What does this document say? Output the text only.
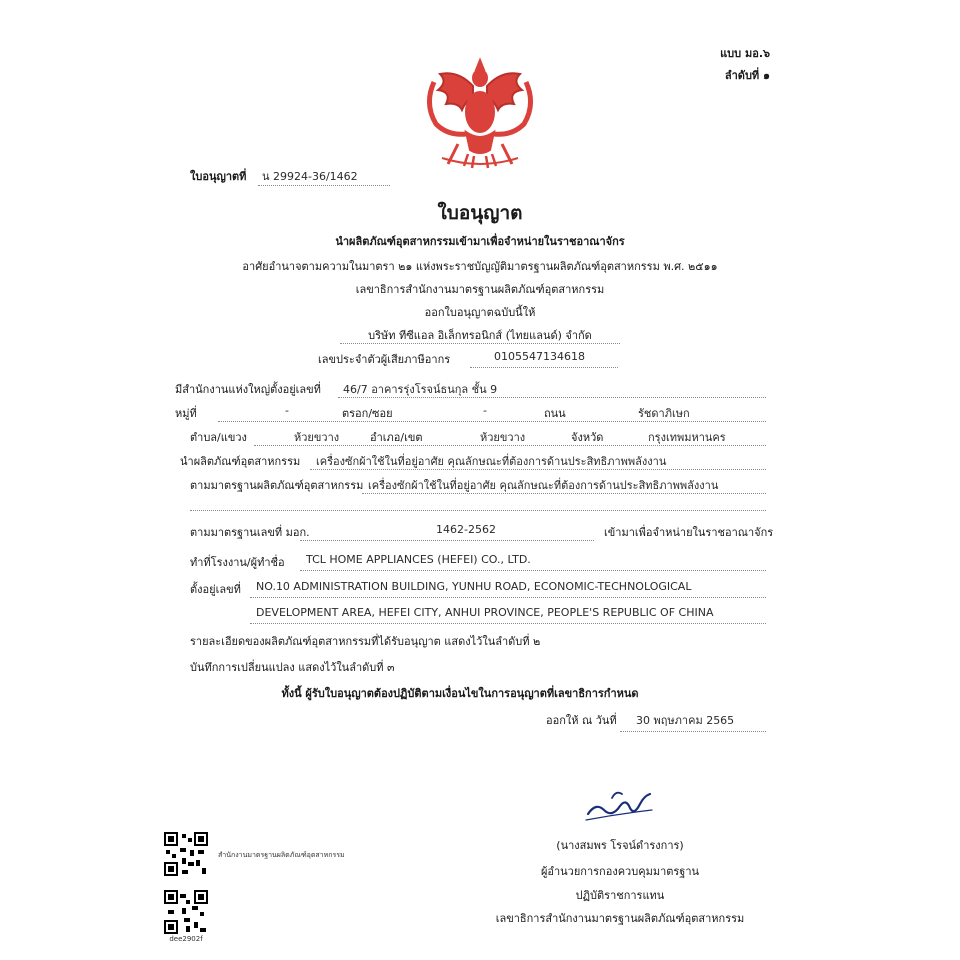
แบบ มอ.๖
ลำดับที่ ๑
ใบอนุญาตที่ น 29924-36/1462
ใบอนุญาต
นำผลิตภัณฑ์อุตสาหกรรมเข้ามาเพื่อจำหน่ายในราชอาณาจักร
อาศัยอำนาจตามความในมาตรา ๒๑ แห่งพระราชบัญญัติมาตรฐานผลิตภัณฑ์อุตสาหกรรม พ.ศ. ๒๕๑๑
เลขาธิการสำนักงานมาตรฐานผลิตภัณฑ์อุตสาหกรรม
ออกใบอนุญาตฉบับนี้ให้
บริษัท ทีซีแอล อิเล็กทรอนิกส์ (ไทยแลนด์) จำกัด
เลขประจำตัวผู้เสียภาษีอากร	0105547134618
มีสำนักงานแห่งใหญ่ตั้งอยู่เลขที่ 46/7 อาคารรุ่งโรจน์ธนกุล ชั้น 9
หมู่ที่	-	ตรอก/ซอย	-	ถนน	รัชดาภิเษก
ตำบล/แขวง	ห้วยขวาง	อำเภอ/เขต	ห้วยขวาง	จังหวัด	กรุงเทพมหานคร
นำผลิตภัณฑ์อุตสาหกรรม เครื่องซักผ้าใช้ในที่อยู่อาศัย คุณลักษณะที่ต้องการด้านประสิทธิภาพพลังงาน
ตามมาตรฐานผลิตภัณฑ์อุตสาหกรรม เครื่องซักผ้าใช้ในที่อยู่อาศัย คุณลักษณะที่ต้องการด้านประสิทธิภาพพลังงาน
ตามมาตรฐานเลขที่ มอก.	1462-2562	เข้ามาเพื่อจำหน่ายในราชอาณาจักร
ทำที่โรงงาน/ผู้ทำชื่อ TCL HOME APPLIANCES (HEFEI) CO., LTD.
ตั้งอยู่เลขที่ NO.10 ADMINISTRATION BUILDING, YUNHU ROAD, ECONOMIC-TECHNOLOGICAL
DEVELOPMENT AREA, HEFEI CITY, ANHUI PROVINCE, PEOPLE'S REPUBLIC OF CHINA
รายละเอียดของผลิตภัณฑ์อุตสาหกรรมที่ได้รับอนุญาต แสดงไว้ในลำดับที่ ๒
บันทึกการเปลี่ยนแปลง แสดงไว้ในลำดับที่ ๓
ทั้งนี้ ผู้รับใบอนุญาตต้องปฏิบัติตามเงื่อนไขในการอนุญาตที่เลขาธิการกำหนด
ออกให้ ณ วันที่ 30 พฤษภาคม 2565
(นางสมพร โรจน์ดำรงการ)
ผู้อำนวยการกองควบคุมมาตรฐาน
ปฏิบัติราชการแทน
เลขาธิการสำนักงานมาตรฐานผลิตภัณฑ์อุตสาหกรรม
สำนักงานมาตรฐานผลิตภัณฑ์อุตสาหกรรม
dee2902f
